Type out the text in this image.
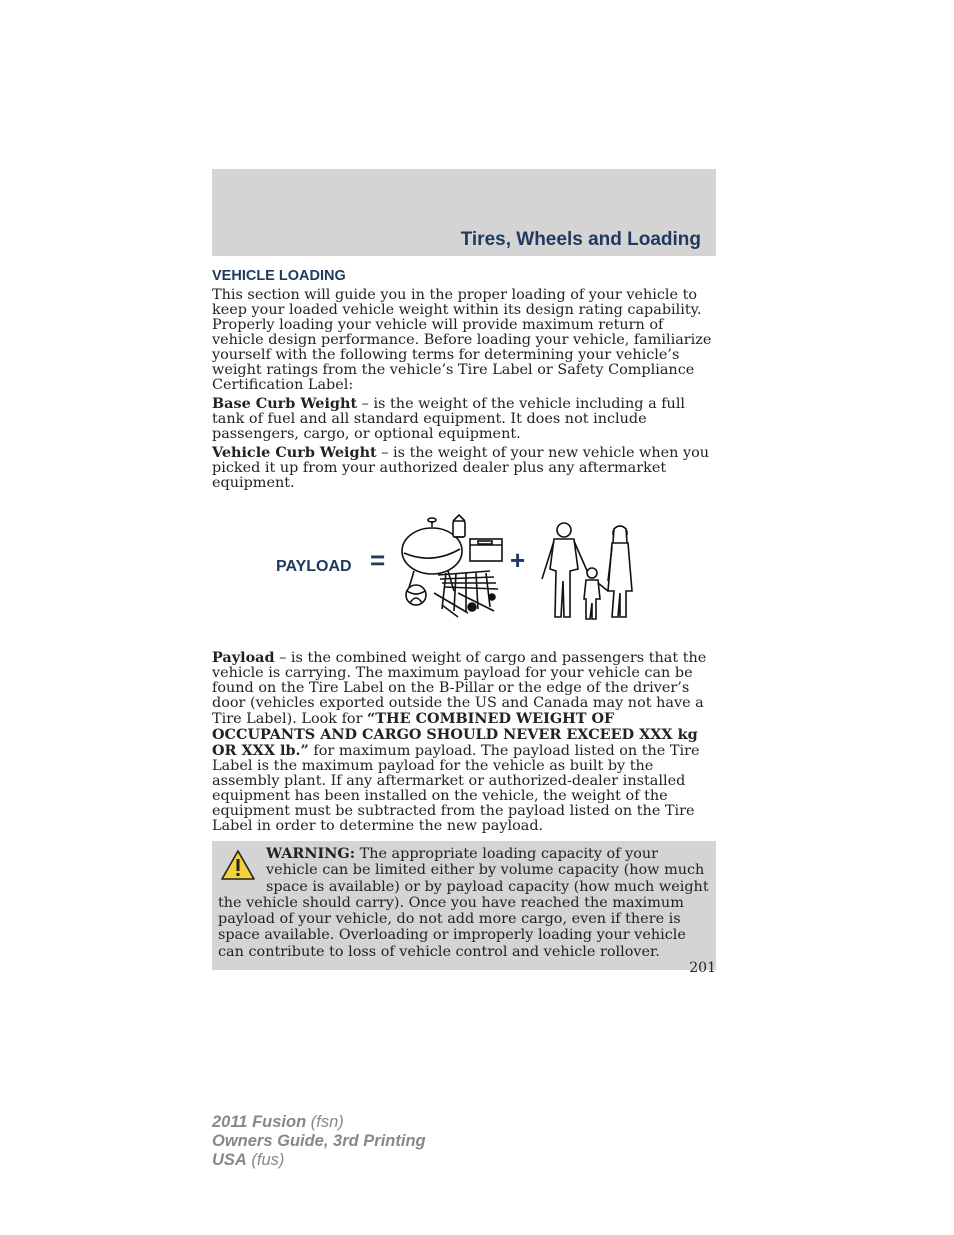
Tires, Wheels and Loading
VEHICLE LOADING

This section will guide you in the proper loading of your vehicle to keep your loaded vehicle weight within its design rating capability. Properly loading your vehicle will provide maximum return of vehicle design performance. Before loading your vehicle, familiarize yourself with the following terms for determining your vehicle’s weight ratings from the vehicle’s Tire Label or Safety Compliance Certification Label:

Base Curb Weight – is the weight of the vehicle including a full tank of fuel and all standard equipment. It does not include passengers, cargo, or optional equipment.

Vehicle Curb Weight – is the weight of your new vehicle when you picked it up from your authorized dealer plus any aftermarket equipment.

PAYLOAD =	+

Payload – is the combined weight of cargo and passengers that the vehicle is carrying. The maximum payload for your vehicle can be found on the Tire Label on the B-Pillar or the edge of the driver’s door (vehicles exported outside the US and Canada may not have a Tire Label). Look for “THE COMBINED WEIGHT OF OCCUPANTS AND CARGO SHOULD NEVER EXCEED XXX kg OR XXX lb.” for maximum payload. The payload listed on the Tire Label is the maximum payload for the vehicle as built by the assembly plant. If any aftermarket or authorized-dealer installed equipment has been installed on the vehicle, the weight of the equipment must be subtracted from the payload listed on the Tire Label in order to determine the new payload.

WARNING: The appropriate loading capacity of your vehicle can be limited either by volume capacity (how much space is available) or by payload capacity (how much weight the vehicle should carry). Once you have reached the maximum payload of your vehicle, do not add more cargo, even if there is space available. Overloading or improperly loading your vehicle can contribute to loss of vehicle control and vehicle rollover.
201
2011 Fusion (fsn)
Owners Guide, 3rd Printing
USA (fus)
